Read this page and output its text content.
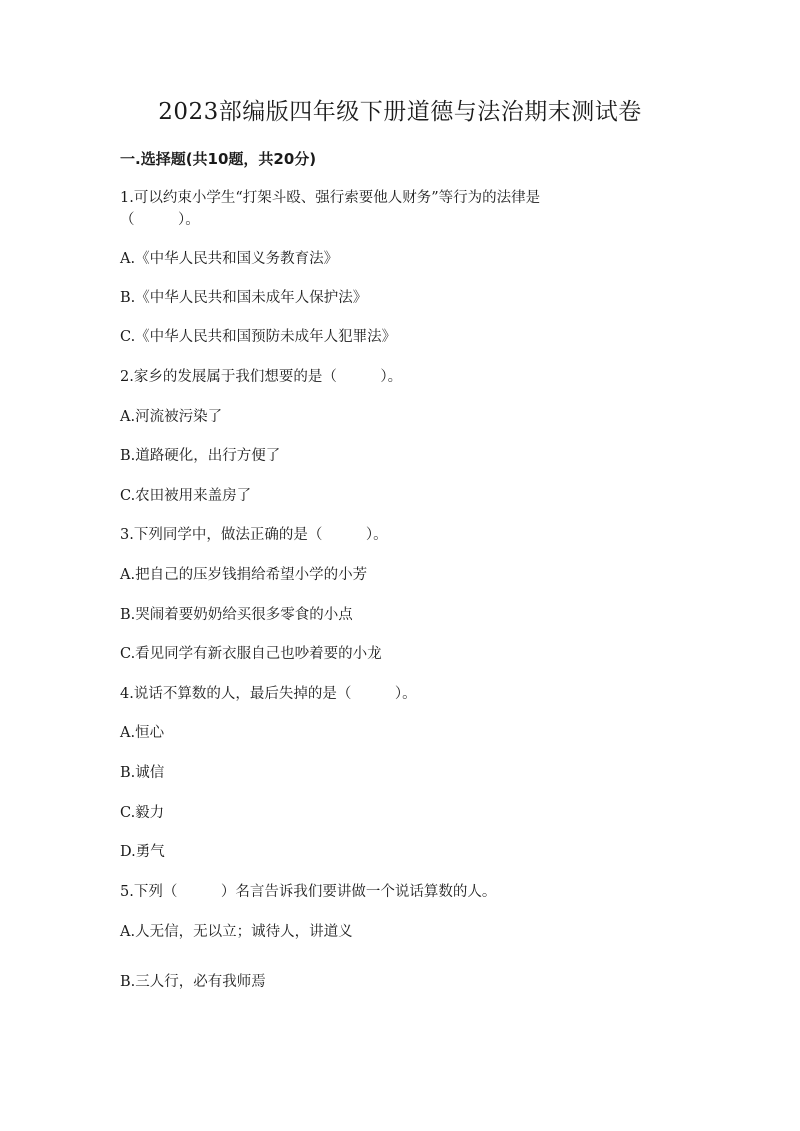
2023部编版四年级下册道德与法治期末测试卷
一.选择题(共10题，共20分)
1.可以约束小学生“打架斗殴、强行索要他人财务”等行为的法律是
（　　　）。
A.《中华人民共和国义务教育法》
B.《中华人民共和国未成年人保护法》
C.《中华人民共和国预防未成年人犯罪法》
2.家乡的发展属于我们想要的是（　　　）。
A.河流被污染了
B.道路硬化，出行方便了
C.农田被用来盖房了
3.下列同学中，做法正确的是（　　　）。
A.把自己的压岁钱捐给希望小学的小芳
B.哭闹着要奶奶给买很多零食的小点
C.看见同学有新衣服自己也吵着要的小龙
4.说话不算数的人，最后失掉的是（　　　）。
A.恒心
B.诚信
C.毅力
D.勇气
5.下列（　　　）名言告诉我们要讲做一个说话算数的人。
A.人无信，无以立；诚待人，讲道义
B.三人行，必有我师焉
